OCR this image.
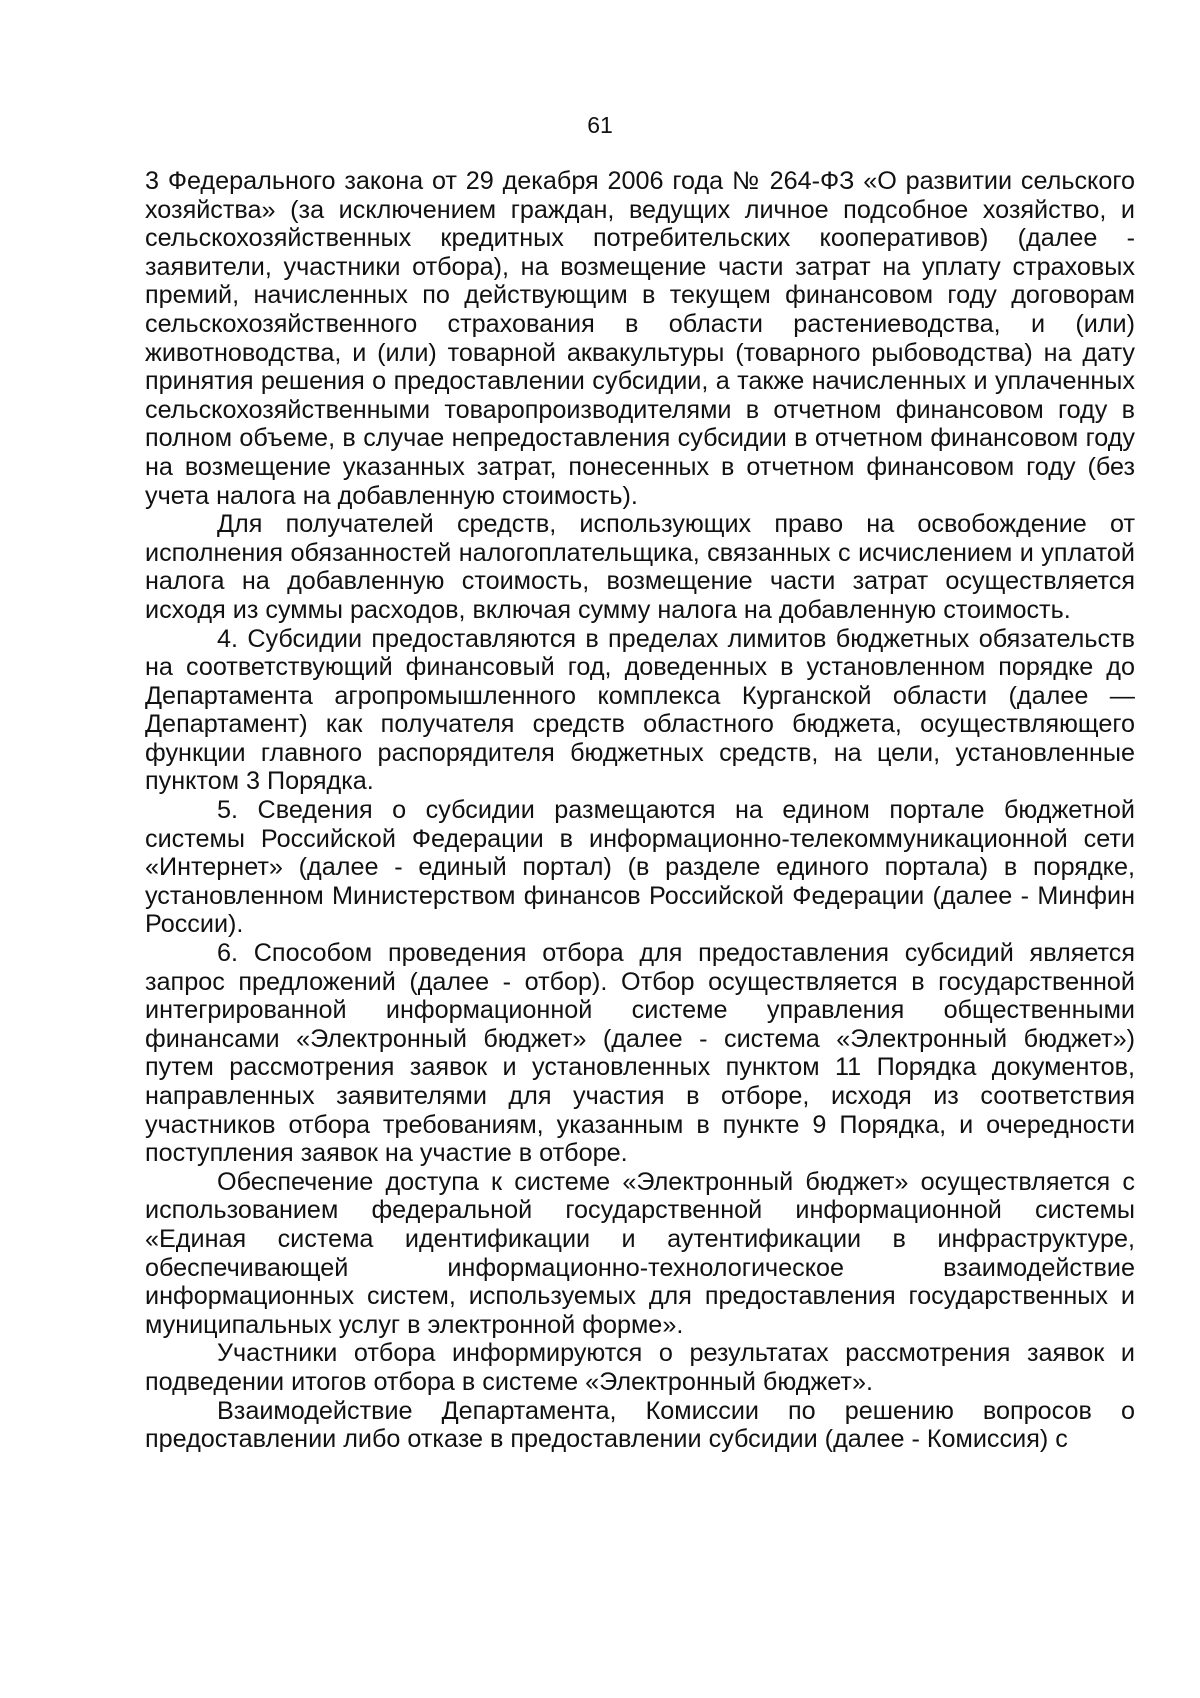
61

3 Федерального закона от 29 декабря 2006 года № 264-ФЗ «О развитии сельского хозяйства» (за исключением граждан, ведущих личное подсобное хозяйство, и сельскохозяйственных кредитных потребительских кооперативов) (далее - заявители, участники отбора), на возмещение части затрат на уплату страховых премий, начисленных по действующим в текущем финансовом году договорам сельскохозяйственного страхования в области растениеводства, и (или) животноводства, и (или) товарной аквакультуры (товарного рыбоводства) на дату принятия решения о предоставлении субсидии, а также начисленных и уплаченных сельскохозяйственными товаропроизводителями в отчетном финансовом году в полном объеме, в случае непредоставления субсидии в отчетном финансовом году на возмещение указанных затрат, понесенных в отчетном финансовом году (без учета налога на добавленную стоимость).

Для получателей средств, использующих право на освобождение от исполнения обязанностей налогоплательщика, связанных с исчислением и уплатой налога на добавленную стоимость, возмещение части затрат осуществляется исходя из суммы расходов, включая сумму налога на добавленную стоимость.

4. Субсидии предоставляются в пределах лимитов бюджетных обязательств на соответствующий финансовый год, доведенных в установленном порядке до Департамента агропромышленного комплекса Курганской области (далее — Департамент) как получателя средств областного бюджета, осуществляющего функции главного распорядителя бюджетных средств, на цели, установленные пунктом 3 Порядка.

5. Сведения о субсидии размещаются на едином портале бюджетной системы Российской Федерации в информационно-телекоммуникационной сети «Интернет» (далее - единый портал) (в разделе единого портала) в порядке, установленном Министерством финансов Российской Федерации (далее - Минфин России).

6. Способом проведения отбора для предоставления субсидий является запрос предложений (далее - отбор). Отбор осуществляется в государственной интегрированной информационной системе управления общественными финансами «Электронный бюджет» (далее - система «Электронный бюджет») путем рассмотрения заявок и установленных пунктом 11 Порядка документов, направленных заявителями для участия в отборе, исходя из соответствия участников отбора требованиям, указанным в пункте 9 Порядка, и очередности поступления заявок на участие в отборе.

Обеспечение доступа к системе «Электронный бюджет» осуществляется с использованием федеральной государственной информационной системы «Единая система идентификации и аутентификации в инфраструктуре, обеспечивающей информационно-технологическое взаимодействие информационных систем, используемых для предоставления государственных и муниципальных услуг в электронной форме».

Участники отбора информируются о результатах рассмотрения заявок и подведении итогов отбора в системе «Электронный бюджет».

Взаимодействие Департамента, Комиссии по решению вопросов о предоставлении либо отказе в предоставлении субсидии (далее - Комиссия) с
